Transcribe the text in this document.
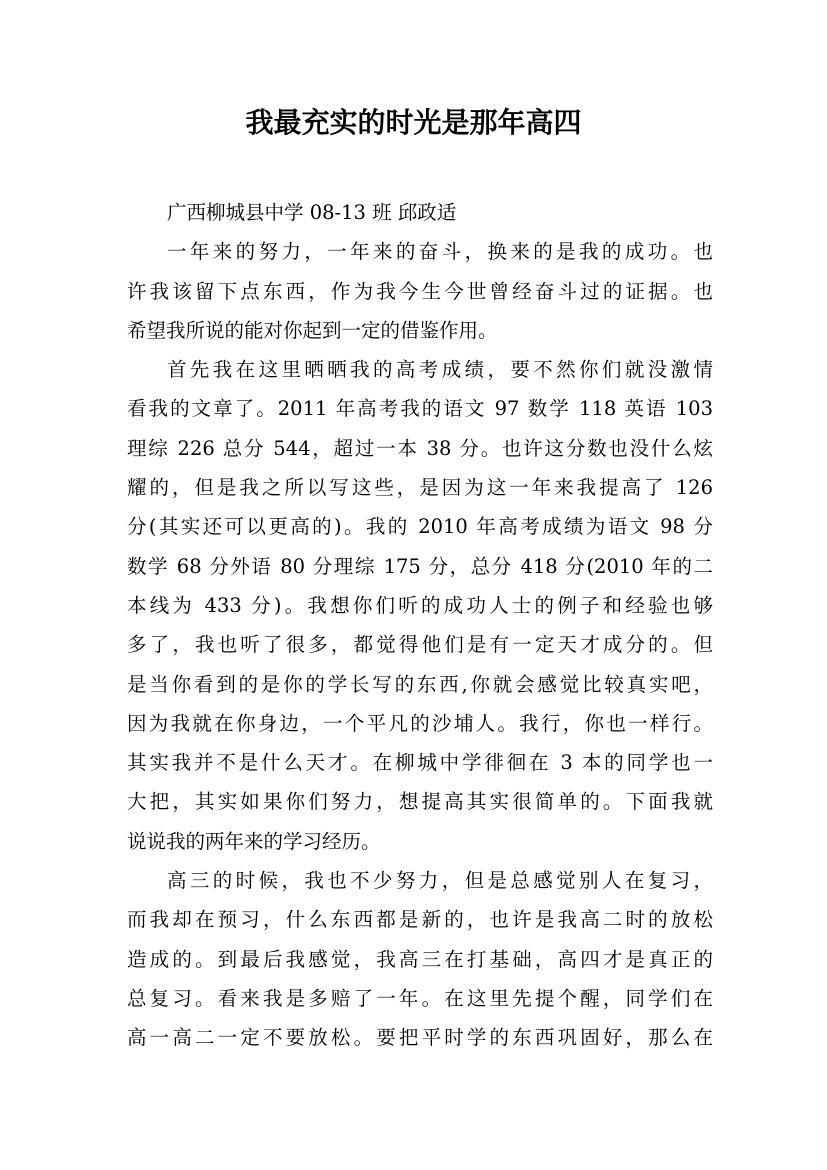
我最充实的时光是那年高四
广西柳城县中学 08-13 班 邱政适
一年来的努力，一年来的奋斗，换来的是我的成功。也
许我该留下点东西，作为我今生今世曾经奋斗过的证据。也
希望我所说的能对你起到一定的借鉴作用。
首先我在这里晒晒我的高考成绩，要不然你们就没激情
看我的文章了。2011 年高考我的语文 97 数学 118 英语 103
理综 226 总分 544，超过一本 38 分。也许这分数也没什么炫
耀的，但是我之所以写这些，是因为这一年来我提高了 126
分(其实还可以更高的)。我的 2010 年高考成绩为语文 98 分
数学 68 分外语 80 分理综 175 分，总分 418 分(2010 年的二
本线为 433 分)。我想你们听的成功人士的例子和经验也够
多了，我也听了很多，都觉得他们是有一定天才成分的。但
是当你看到的是你的学长写的东西,你就会感觉比较真实吧，
因为我就在你身边，一个平凡的沙埔人。我行，你也一样行。
其实我并不是什么天才。在柳城中学徘徊在 3 本的同学也一
大把，其实如果你们努力，想提高其实很简单的。下面我就
说说我的两年来的学习经历。
高三的时候，我也不少努力，但是总感觉别人在复习，
而我却在预习，什么东西都是新的，也许是我高二时的放松
造成的。到最后我感觉，我高三在打基础，高四才是真正的
总复习。看来我是多赔了一年。在这里先提个醒，同学们在
高一高二一定不要放松。要把平时学的东西巩固好，那么在
